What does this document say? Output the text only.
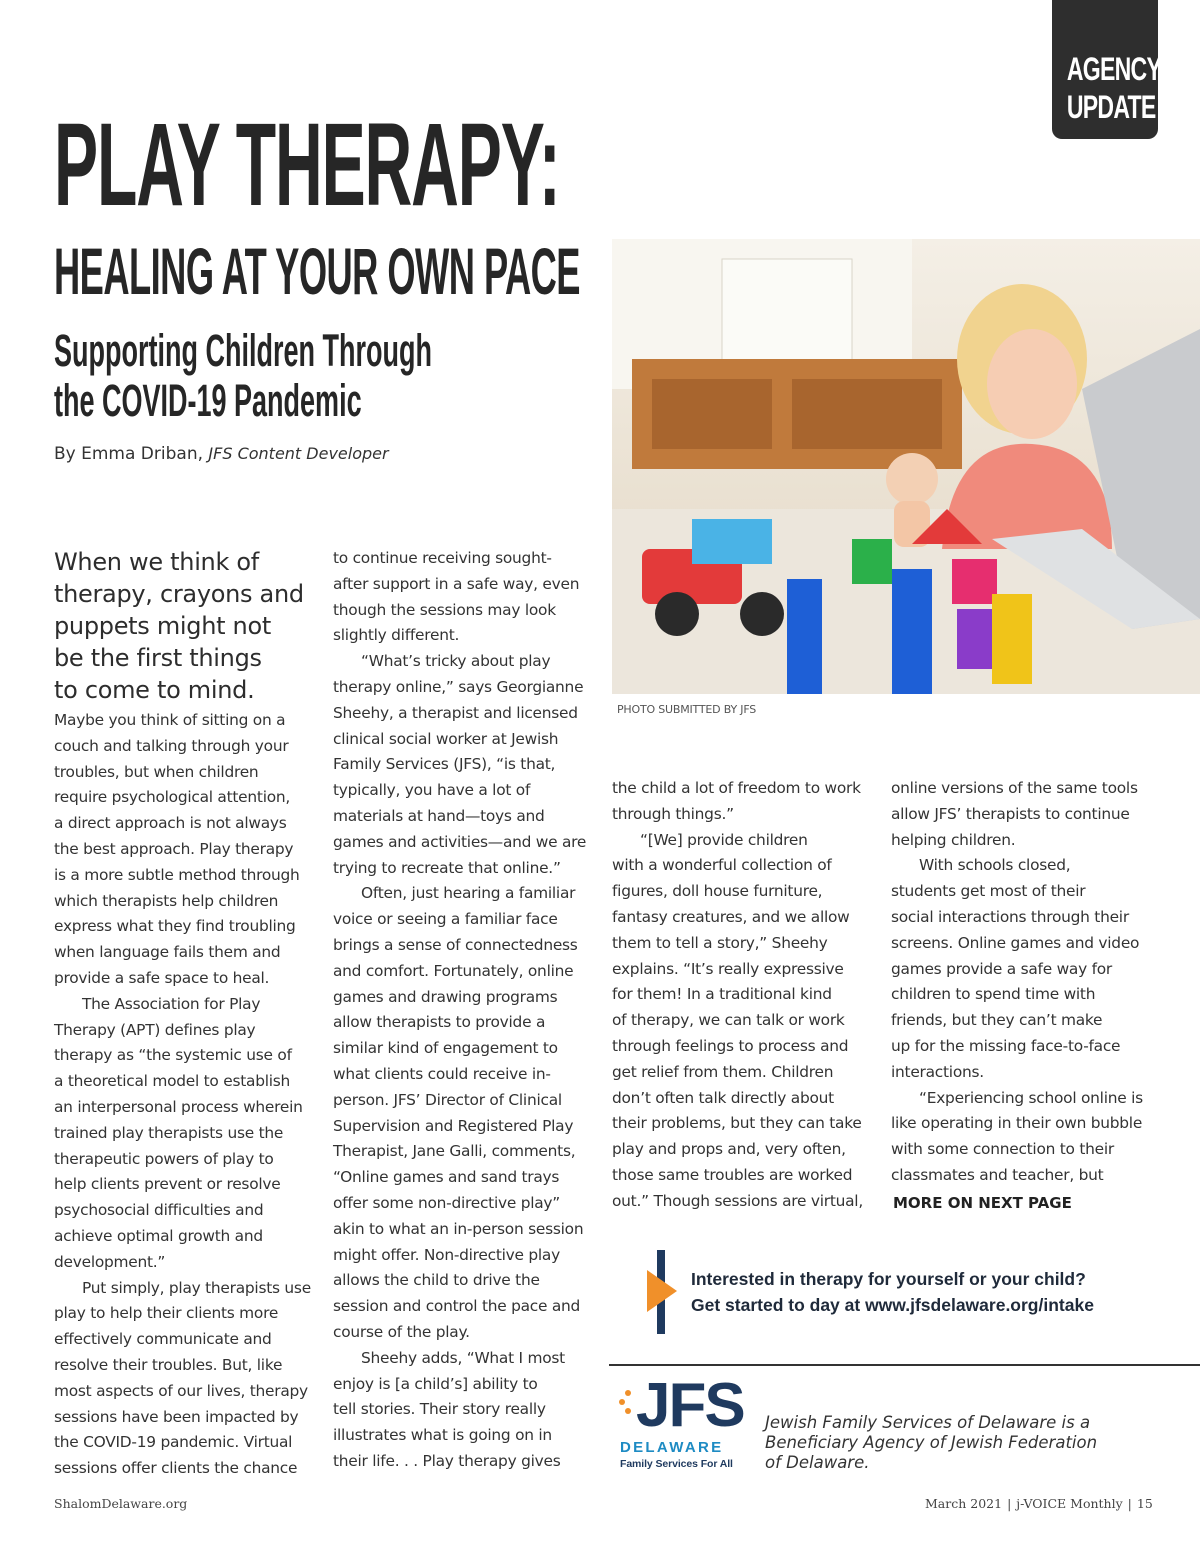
AGENCY
UPDATE
PLAY THERAPY:
HEALING AT YOUR OWN PACE
Supporting Children Through
the COVID-19 Pandemic
By Emma Driban, JFS Content Developer
PHOTO SUBMITTED BY JFS
When we think of
therapy, crayons and
puppets might not
be the first things
to come to mind.

Maybe you think of sitting on a
couch and talking through your
troubles, but when children
require psychological attention,
a direct approach is not always
the best approach. Play therapy
is a more subtle method through
which therapists help children
express what they find troubling
when language fails them and
provide a safe space to heal.

The Association for Play
Therapy (APT) defines play
therapy as “the systemic use of
a theoretical model to establish
an interpersonal process wherein
trained play therapists use the
therapeutic powers of play to
help clients prevent or resolve
psychosocial difficulties and
achieve optimal growth and
development.”

Put simply, play therapists use
play to help their clients more
effectively communicate and
resolve their troubles. But, like
most aspects of our lives, therapy
sessions have been impacted by
the COVID-19 pandemic. Virtual
sessions offer clients the chance

to continue receiving sought-
after support in a safe way, even
though the sessions may look
slightly different.

“What’s tricky about play
therapy online,” says Georgianne
Sheehy, a therapist and licensed
clinical social worker at Jewish
Family Services (JFS), “is that,
typically, you have a lot of
materials at hand—toys and
games and activities—and we are
trying to recreate that online.”

Often, just hearing a familiar
voice or seeing a familiar face
brings a sense of connectedness
and comfort. Fortunately, online
games and drawing programs
allow therapists to provide a
similar kind of engagement to
what clients could receive in-
person. JFS’ Director of Clinical
Supervision and Registered Play
Therapist, Jane Galli, comments,
“Online games and sand trays
offer some non-directive play”
akin to what an in-person session
might offer. Non-directive play
allows the child to drive the
session and control the pace and
course of the play.

Sheehy adds, “What I most
enjoy is [a child’s] ability to
tell stories. Their story really
illustrates what is going on in
their life. . . Play therapy gives

the child a lot of freedom to work
through things.”

“[We] provide children
with a wonderful collection of
figures, doll house furniture,
fantasy creatures, and we allow
them to tell a story,” Sheehy
explains. “It’s really expressive
for them! In a traditional kind
of therapy, we can talk or work
through feelings to process and
get relief from them. Children
don’t often talk directly about
their problems, but they can take
play and props and, very often,
those same troubles are worked
out.” Though sessions are virtual,

online versions of the same tools
allow JFS’ therapists to continue
helping children.

With schools closed,
students get most of their
social interactions through their
screens. Online games and video
games provide a safe way for
children to spend time with
friends, but they can’t make
up for the missing face-to-face
interactions.

“Experiencing school online is
like operating in their own bubble
with some connection to their
classmates and teacher, but

MORE ON NEXT PAGE
Interested in therapy for yourself or your child?
Get started to day at www.jfsdelaware.org/intake
JFS
DELAWARE
Family Services For All
Jewish Family Services of Delaware is a
Beneficiary Agency of Jewish Federation
of Delaware.
ShalomDelaware.org	March 2021 | j-VOICE Monthly | 15
